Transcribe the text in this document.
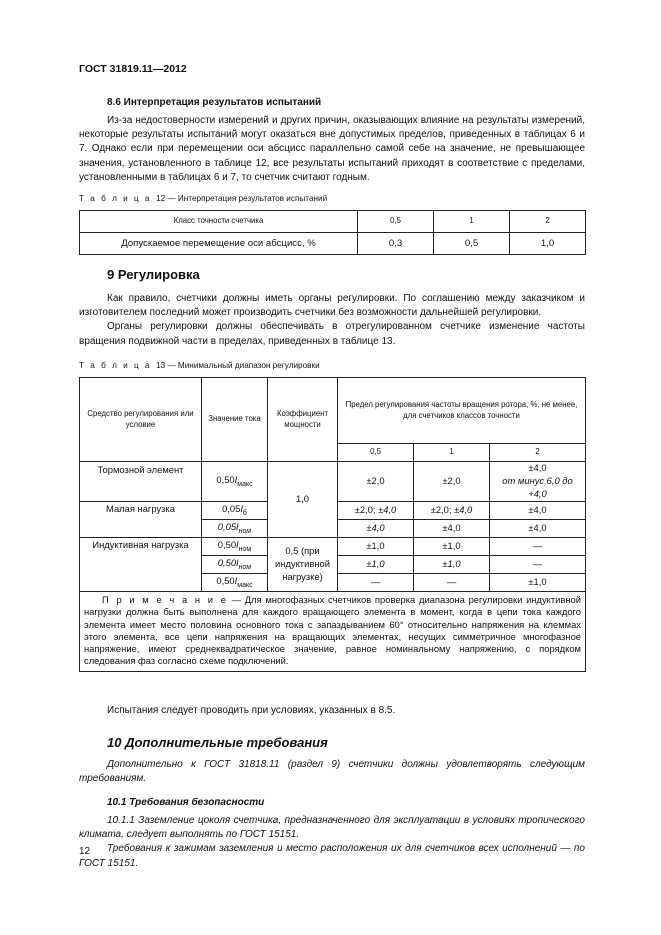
ГОСТ 31819.11—2012
8.6 Интерпретация результатов испытаний

Из-за недостоверности измерений и других причин, оказывающих влияние на результаты измерений, некоторые результаты испытаний могут оказаться вне допустимых пределов, приведенных в таблицах 6 и 7. Однако если при перемещении оси абсцисс параллельно самой себе на значение, не превышающее значения, установленного в таблице 12, все результаты испытаний приходят в соответствие с пределами, установленными в таблицах 6 и 7, то счетчик считают годным.

Т а б л и ц а 12 — Интерпретация результатов испытаний
Класс точности счетчика	0,5	1	2
Допускаемое перемещение оси абсцисс, %	0,3	0,5	1,0
9 Регулировка

Как правило, счетчики должны иметь органы регулировки. По соглашению между заказчиком и изготовителем последний может производить счетчики без возможности дальнейшей регулировки.

Органы регулировки должны обеспечивать в отрегулированном счетчике изменение частоты вращения подвижной части в пределах, приведенных в таблице 13.

Т а б л и ц а 13 — Минимальный диапазон регулировки
Средство регулирования или условие	Значение тока	Коэффициент мощности	Предел регулирования частоты вращения ротора, %, не менее, для счетчиков классов точности		
			0,5	1	2
Тормозной элемент	$0,50I_{макс}$	1,0	±2,0	±2,0	±4,0
от минус 6,0 до +4,0

Малая нагрузка	$0,05I_б$		±2,0; ±4,0	±2,0; ±4,0	±4,0
	$0,05I_{ном}$		±4,0	±4,0	±4,0
Индуктивная нагрузка	$0,50I_{ном}$	0,5 (при индуктивной нагрузке)	±1,0	±1,0	—
	$0,50I_{ном}$		±1,0	±1,0	—
	$0,50I_{макс}$		—	—	±1,0
П р и м е ч а н и е — Для многофазных счетчиков проверка диапазона регулировки индуктивной нагрузки должна быть выполнена для каждого вращающего элемента в момент, когда в цепи тока каждого элемента имеет место половина основного тока с запаздыванием 60° относительно напряжения на клеммах этого элемента, все цепи напряжения на вращающих элементах, несущих симметричное многофазное напряжение, имеют среднеквадратическое значение, равное номинальному напряжению, с порядком следования фаз согласно схеме подключений.					

Испытания следует проводить при условиях, указанных в 8.5.

10 Дополнительные требования

Дополнительно к ГОСТ 31818.11 (раздел 9) счетчики должны удовлетворять следующим требованиям.

10.1 Требования безопасности

10.1.1 Заземление цоколя счетчика, предназначенного для эксплуатации в условиях тропического климата, следует выполнять по ГОСТ 15151.

Требования к зажимам заземления и место расположения их для счетчиков всех исполнений — по ГОСТ 15151.

12
